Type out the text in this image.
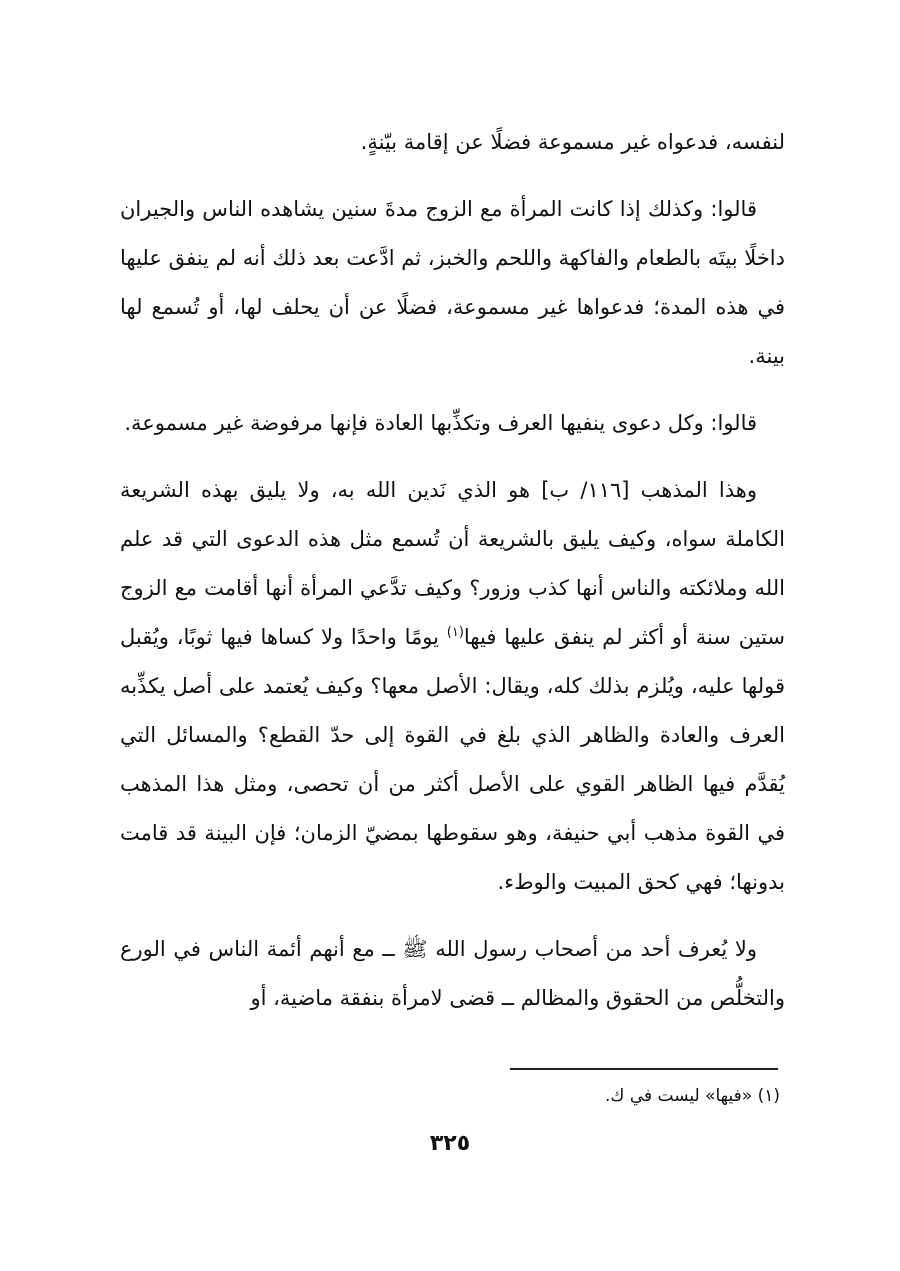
لنفسه، فدعواه غير مسموعة فضلًا عن إقامة بيّنةٍ.

قالوا: وكذلك إذا كانت المرأة مع الزوج مدةَ سنين يشاهده الناس والجيران داخلًا بيتَه بالطعام والفاكهة واللحم والخبز، ثم ادَّعت بعد ذلك أنه لم ينفق عليها في هذه المدة؛ فدعواها غير مسموعة، فضلًا عن أن يحلف لها، أو تُسمع لها بينة.

قالوا: وكل دعوى ينفيها العرف وتكذِّبها العادة فإنها مرفوضة غير مسموعة.

وهذا المذهب [١١٦/ ب] هو الذي نَدين الله به، ولا يليق بهذه الشريعة الكاملة سواه، وكيف يليق بالشريعة أن تُسمع مثل هذه الدعوى التي قد علم الله وملائكته والناس أنها كذب وزور؟ وكيف تدَّعي المرأة أنها أقامت مع الزوج ستين سنة أو أكثر لم ينفق عليها فيها$^{(١)}$ يومًا واحدًا ولا كساها فيها ثوبًا، ويُقبل قولها عليه، ويُلزم بذلك كله، ويقال: الأصل معها؟ وكيف يُعتمد على أصل يكذِّبه العرف والعادة والظاهر الذي بلغ في القوة إلى حدّ القطع؟ والمسائل التي يُقدَّم فيها الظاهر القوي على الأصل أكثر من أن تحصى، ومثل هذا المذهب في القوة مذهب أبي حنيفة، وهو سقوطها بمضيّ الزمان؛ فإن البينة قد قامت بدونها؛ فهي كحق المبيت والوطء.

ولا يُعرف أحد من أصحاب رسول الله ﷺ ــ مع أنهم أئمة الناس في الورع والتخلُّص من الحقوق والمظالم ــ قضى لامرأة بنفقة ماضية، أو

(١) «فيها» ليست في ك.
٣٢٥
